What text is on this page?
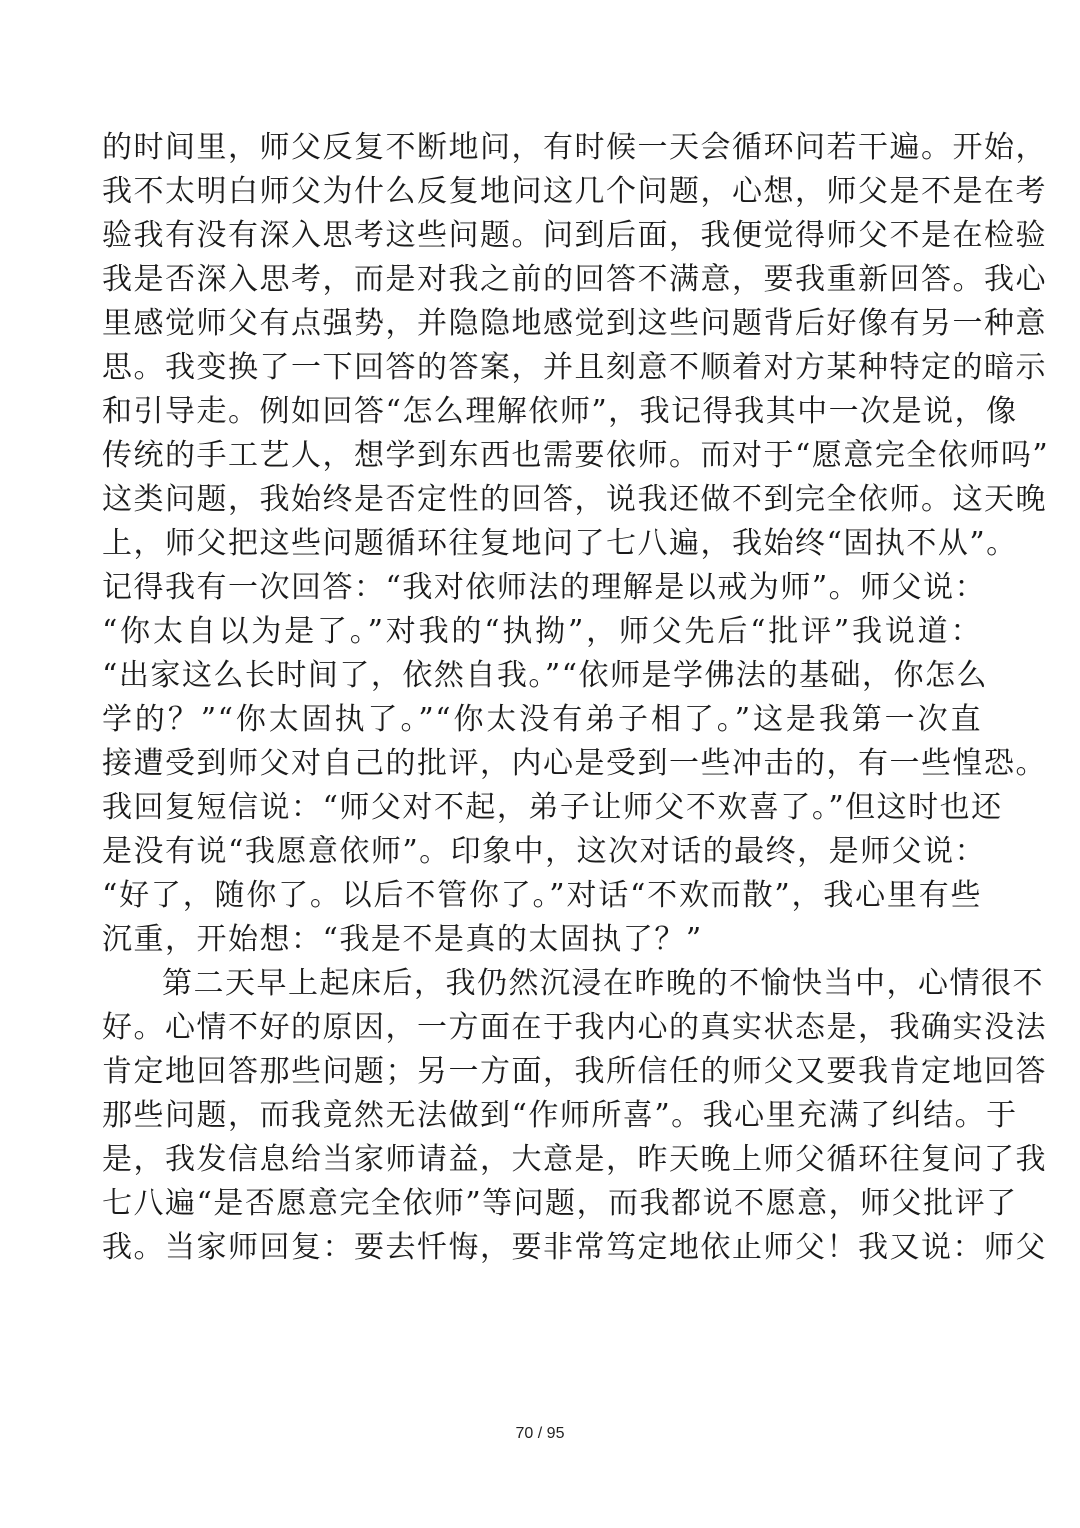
的时间里，师父反复不断地问，有时候一天会循环问若干遍。开始，
我不太明白师父为什么反复地问这几个问题，心想，师父是不是在考
验我有没有深入思考这些问题。问到后面，我便觉得师父不是在检验
我是否深入思考，而是对我之前的回答不满意，要我重新回答。我心
里感觉师父有点强势，并隐隐地感觉到这些问题背后好像有另一种意
思。我变换了一下回答的答案，并且刻意不顺着对方某种特定的暗示
和引导走。例如回答“怎么理解依师”，我记得我其中一次是说，像
传统的手工艺人，想学到东西也需要依师。而对于“愿意完全依师吗”
这类问题，我始终是否定性的回答，说我还做不到完全依师。这天晚
上，师父把这些问题循环往复地问了七八遍，我始终“固执不从”。
记得我有一次回答：“我对依师法的理解是以戒为师”。师父说：
“你太自以为是了。”对我的“执拗”，师父先后“批评”我说道：
“出家这么长时间了，依然自我。”“依师是学佛法的基础，你怎么
学的？”“你太固执了。”“你太没有弟子相了。”这是我第一次直
接遭受到师父对自己的批评，内心是受到一些冲击的，有一些惶恐。
我回复短信说：“师父对不起，弟子让师父不欢喜了。”但这时也还
是没有说“我愿意依师”。印象中，这次对话的最终，是师父说：
“好了，随你了。以后不管你了。”对话“不欢而散”，我心里有些
沉重，开始想：“我是不是真的太固执了？”
第二天早上起床后，我仍然沉浸在昨晚的不愉快当中，心情很不
好。心情不好的原因，一方面在于我内心的真实状态是，我确实没法
肯定地回答那些问题；另一方面，我所信任的师父又要我肯定地回答
那些问题，而我竟然无法做到“作师所喜”。我心里充满了纠结。于
是，我发信息给当家师请益，大意是，昨天晚上师父循环往复问了我
七八遍“是否愿意完全依师”等问题，而我都说不愿意，师父批评了
我。当家师回复：要去忏悔，要非常笃定地依止师父！我又说：师父
70 / 95
